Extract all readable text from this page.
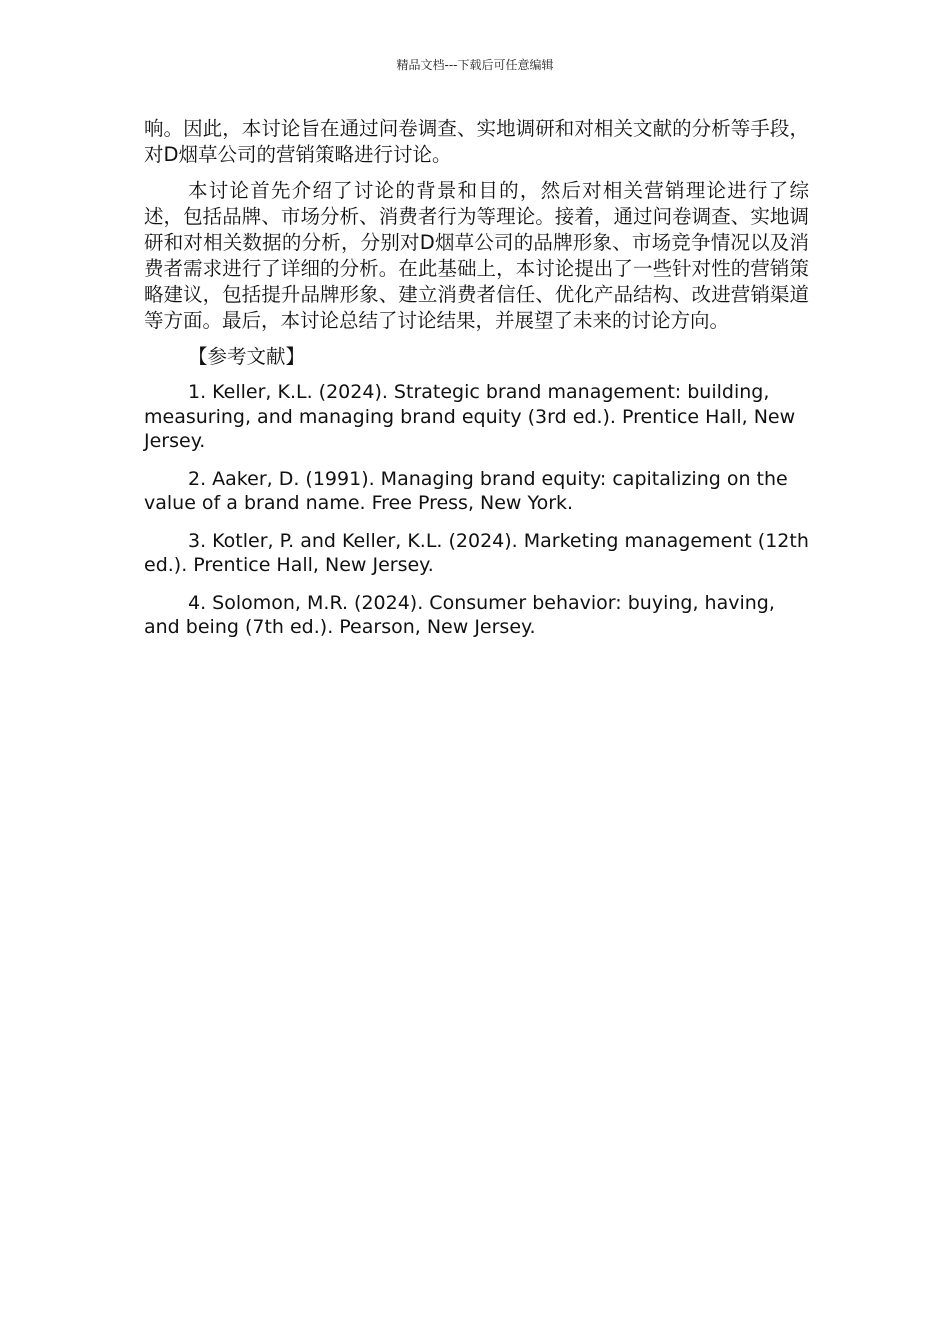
精品文档---下载后可任意编辑

响。因此，本讨论旨在通过问卷调查、实地调研和对相关文献的分析等手段，对D烟草公司的营销策略进行讨论。

本讨论首先介绍了讨论的背景和目的，然后对相关营销理论进行了综述，包括品牌、市场分析、消费者行为等理论。接着，通过问卷调查、实地调研和对相关数据的分析，分别对D烟草公司的品牌形象、市场竞争情况以及消费者需求进行了详细的分析。在此基础上，本讨论提出了一些针对性的营销策略建议，包括提升品牌形象、建立消费者信任、优化产品结构、改进营销渠道等方面。最后，本讨论总结了讨论结果，并展望了未来的讨论方向。

【参考文献】

1. Keller, K.L. (2024). Strategic brand management: building, measuring, and managing brand equity (3rd ed.). Prentice Hall, New Jersey.

2. Aaker, D. (1991). Managing brand equity: capitalizing on the value of a brand name. Free Press, New York.

3. Kotler, P. and Keller, K.L. (2024). Marketing management (12th ed.). Prentice Hall, New Jersey.

4. Solomon, M.R. (2024). Consumer behavior: buying, having, and being (7th ed.). Pearson, New Jersey.
